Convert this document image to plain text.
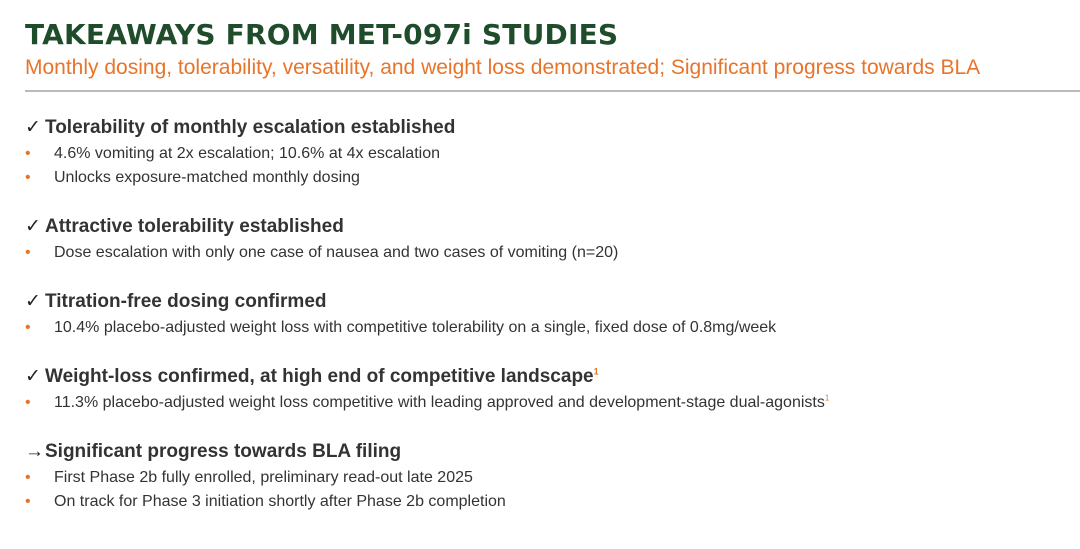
TAKEAWAYS FROM MET-097i STUDIES

Monthly dosing, tolerability, versatility, and weight loss demonstrated; Significant progress towards BLA

✓ Tolerability of monthly escalation established
• 4.6% vomiting at 2x escalation; 10.6% at 4x escalation
• Unlocks exposure-matched monthly dosing
✓ Attractive tolerability established
• Dose escalation with only one case of nausea and two cases of vomiting (n=20)
✓ Titration-free dosing confirmed
• 10.4% placebo-adjusted weight loss with competitive tolerability on a single, fixed dose of 0.8mg/week
✓ Weight-loss confirmed, at high end of competitive landscape$^1$
• 11.3% placebo-adjusted weight loss competitive with leading approved and development-stage dual-agonists$^1$
→Significant progress towards BLA filing
• First Phase 2b fully enrolled, preliminary read-out late 2025
• On track for Phase 3 initiation shortly after Phase 2b completion
